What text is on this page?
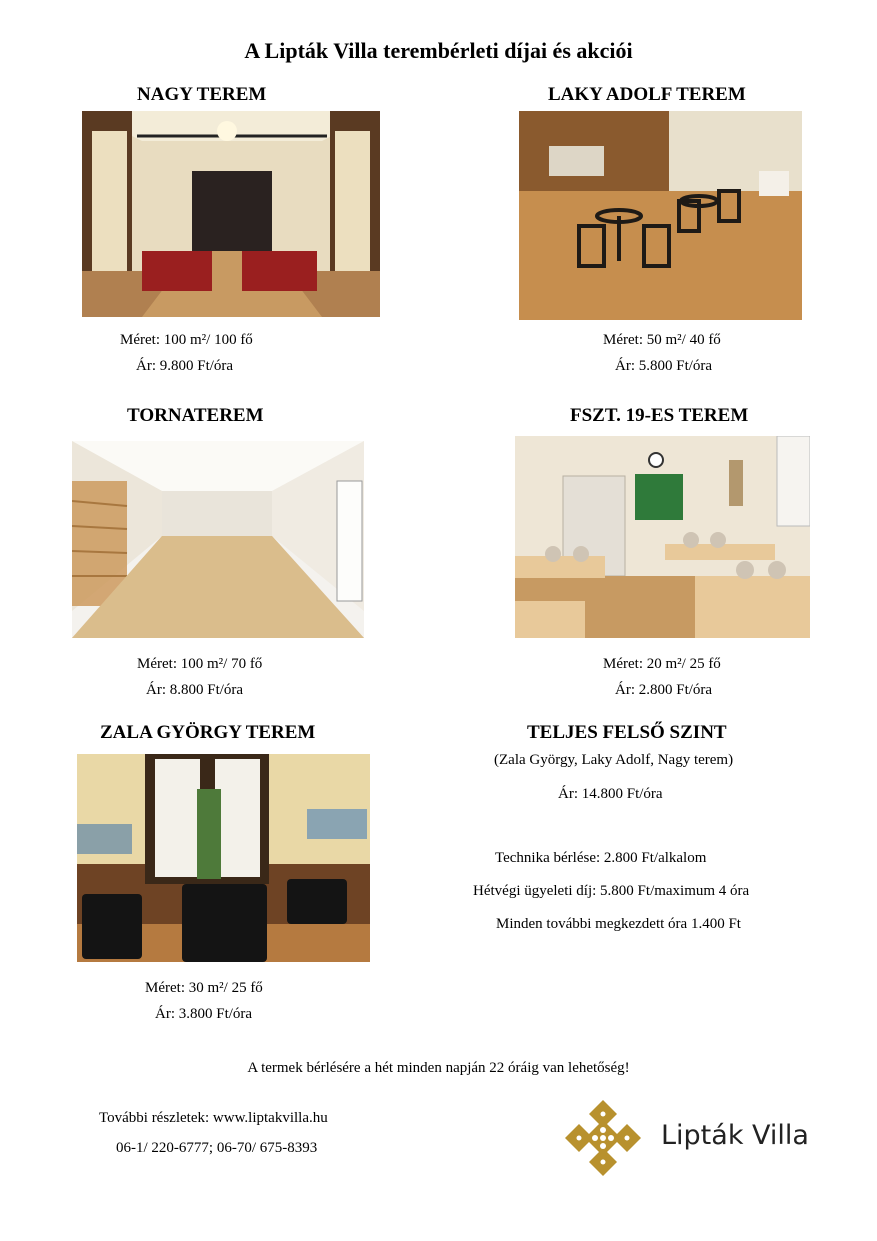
A Lipták Villa terembérleti díjai és akciói
NAGY TEREM
Méret: 100 m²/ 100 fő
Ár: 9.800 Ft/óra
LAKY ADOLF TEREM
Méret: 50 m²/ 40 fő
Ár: 5.800 Ft/óra
TORNATEREM
Méret: 100 m²/ 70 fő
Ár: 8.800 Ft/óra
FSZT. 19-ES TEREM
Méret: 20 m²/ 25 fő
Ár: 2.800 Ft/óra
ZALA GYÖRGY TEREM
Méret: 30 m²/ 25 fő
Ár: 3.800 Ft/óra
TELJES FELSŐ SZINT
(Zala György, Laky Adolf, Nagy terem)
Ár: 14.800 Ft/óra
Technika bérlése: 2.800 Ft/alkalom
Hétvégi ügyeleti díj: 5.800 Ft/maximum 4 óra
Minden további megkezdett óra 1.400 Ft
A termek bérlésére a hét minden napján 22 óráig van lehetőség!
További részletek: www.liptakvilla.hu
06-1/ 220-6777; 06-70/ 675-8393	Lipták Villa
